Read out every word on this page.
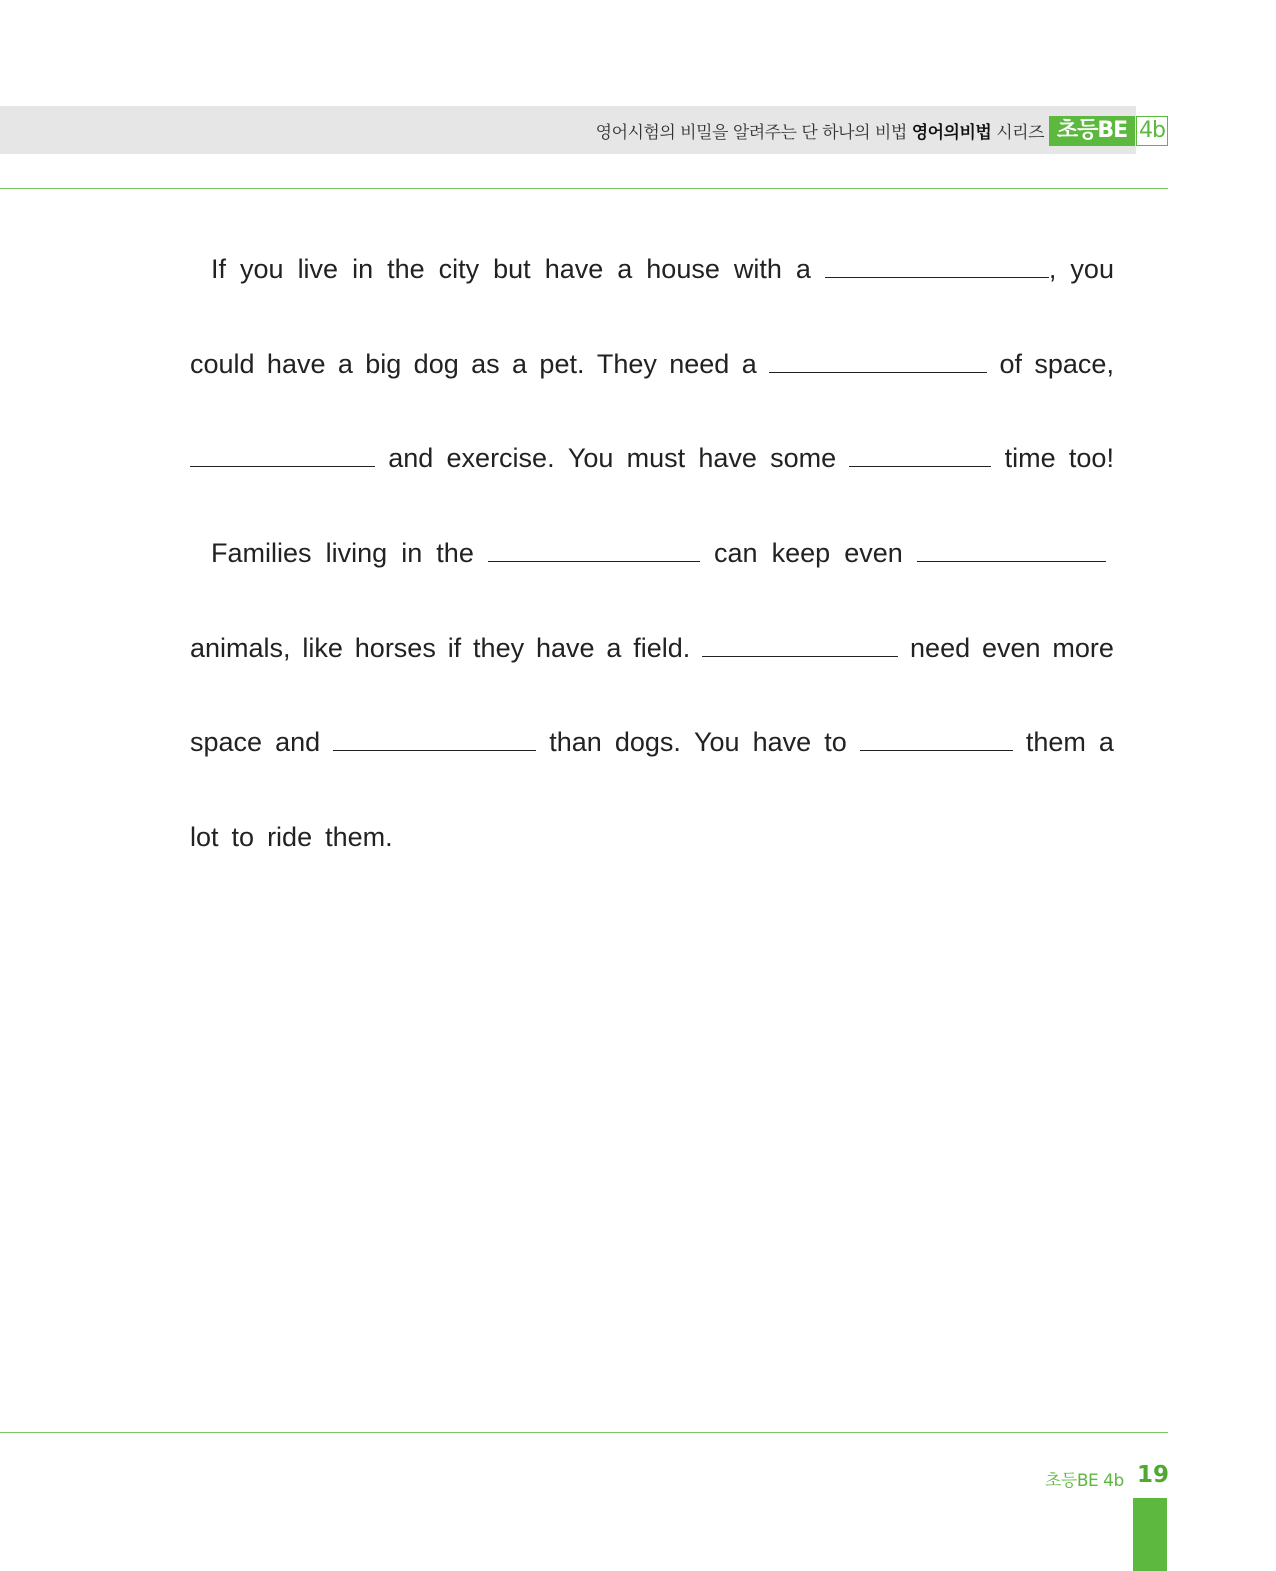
영어시험의 비밀을 알려주는 단 하나의 비법 영어의비법 시리즈 초등BE 4b
If you live in the city but have a house with a	, you
could have a big dog as a pet. They need a	of space,
and exercise. You must have some	time too!
Families living in the	can keep even
animals, like horses if they have a field.	need even more
space and	than dogs. You have to	them a
lot to ride them.
초등BE 4b 19
